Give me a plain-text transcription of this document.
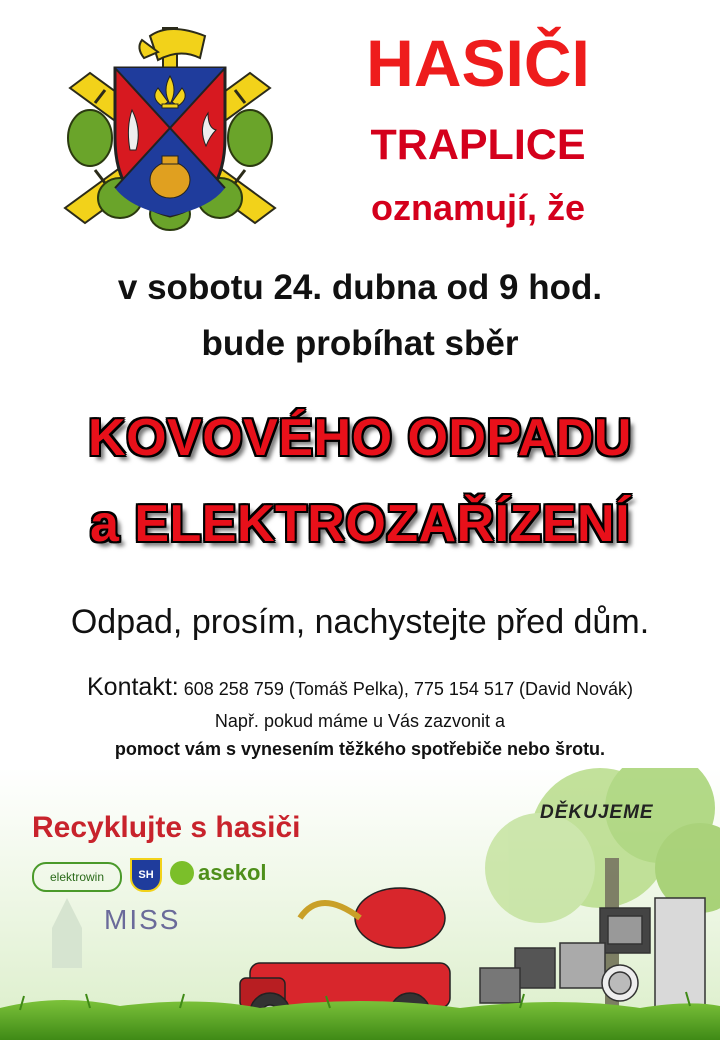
HASIČI
TRAPLICE
oznamují, že
v sobotu 24. dubna od 9 hod.
bude probíhat sběr
KOVOVÉHO ODPADU
a ELEKTROZAŘÍZENÍ
Odpad, prosím, nachystejte před dům.
Kontakt: 608 258 759 (Tomáš Pelka), 775 154 517 (David Novák)
Např. pokud máme u Vás zazvonit a
pomoct vám s vynesením těžkého spotřebiče nebo šrotu.
Recyklujte s hasiči	DĚKUJEME
elektrowin	SH asekol
MISS
